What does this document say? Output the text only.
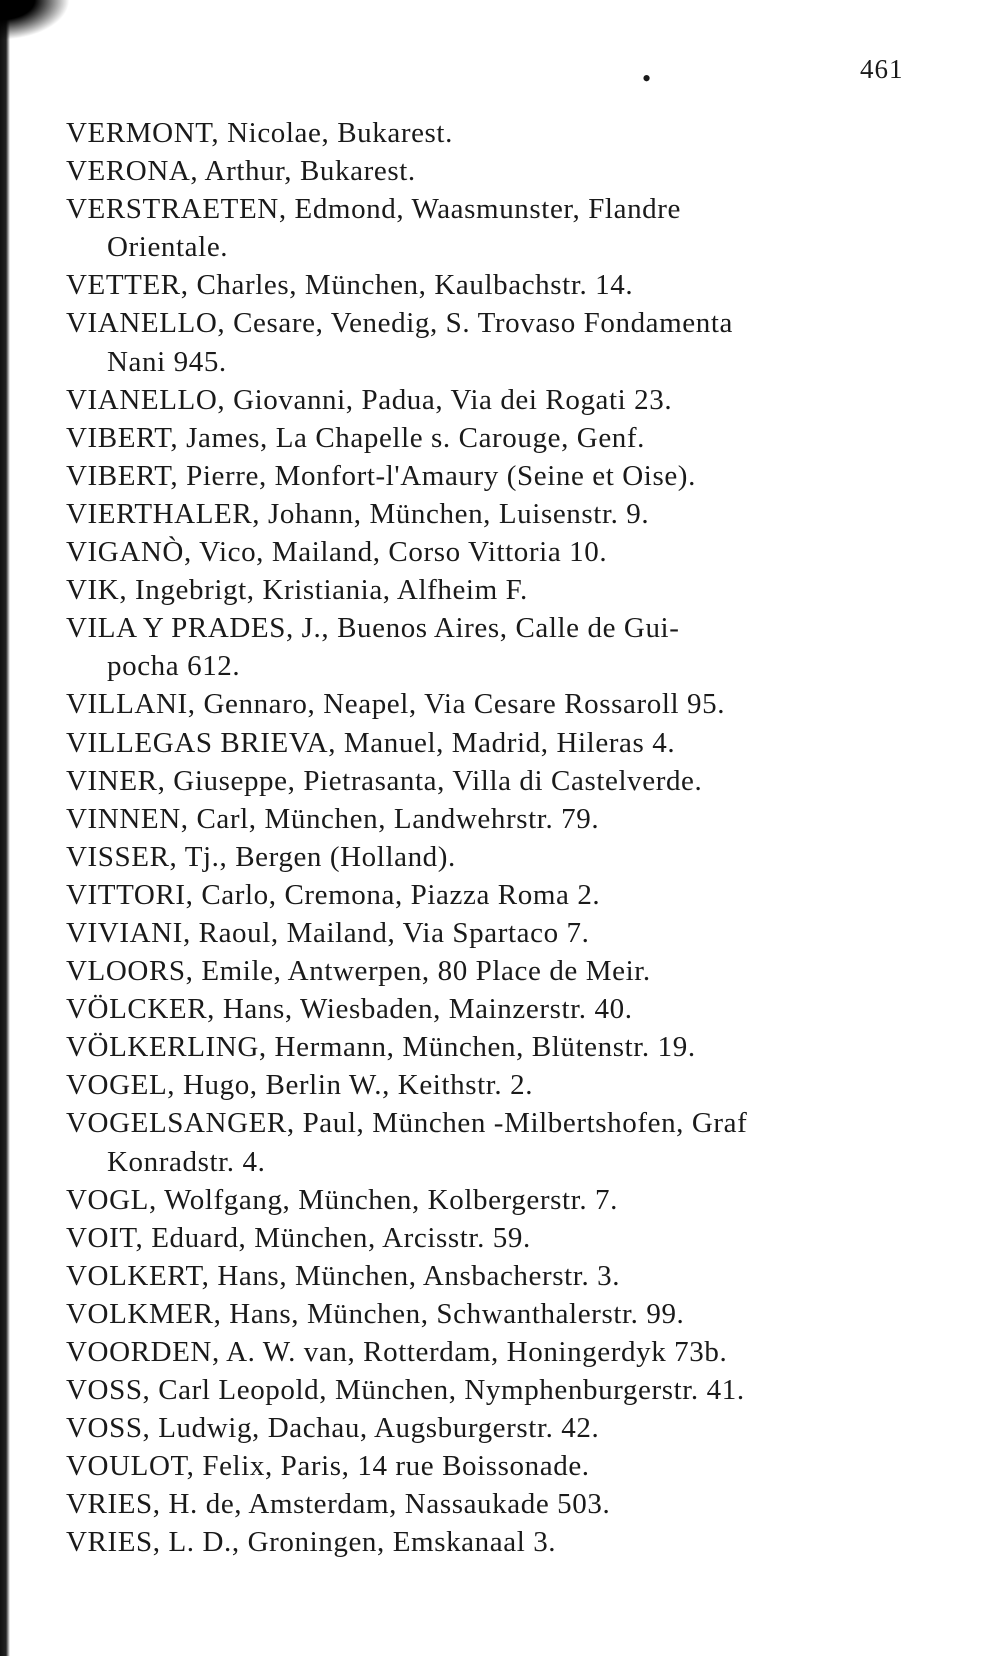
•	461
VERMONT, Nicolae, Bukarest.
VERONA, Arthur, Bukarest.
VERSTRAETEN, Edmond, Waasmunster, Flandre
Orientale.
VETTER, Charles, München, Kaulbachstr. 14.
VIANELLO, Cesare, Venedig, S. Trovaso Fondamenta
Nani 945.
VIANELLO, Giovanni, Padua, Via dei Rogati 23.
VIBERT, James, La Chapelle s. Carouge, Genf.
VIBERT, Pierre, Monfort-l'Amaury (Seine et Oise).
VIERTHALER, Johann, München, Luisenstr. 9.
VIGANÒ, Vico, Mailand, Corso Vittoria 10.
VIK, Ingebrigt, Kristiania, Alfheim F.
VILA Y PRADES, J., Buenos Aires, Calle de Gui-
pocha 612.
VILLANI, Gennaro, Neapel, Via Cesare Rossaroll 95.
VILLEGAS BRIEVA, Manuel, Madrid, Hileras 4.
VINER, Giuseppe, Pietrasanta, Villa di Castelverde.
VINNEN, Carl, München, Landwehrstr. 79.
VISSER, Tj., Bergen (Holland).
VITTORI, Carlo, Cremona, Piazza Roma 2.
VIVIANI, Raoul, Mailand, Via Spartaco 7.
VLOORS, Emile, Antwerpen, 80 Place de Meir.
VÖLCKER, Hans, Wiesbaden, Mainzerstr. 40.
VÖLKERLING, Hermann, München, Blütenstr. 19.
VOGEL, Hugo, Berlin W., Keithstr. 2.
VOGELSANGER, Paul, München -Milbertshofen, Graf
Konradstr. 4.
VOGL, Wolfgang, München, Kolbergerstr. 7.
VOIT, Eduard, München, Arcisstr. 59.
VOLKERT, Hans, München, Ansbacherstr. 3.
VOLKMER, Hans, München, Schwanthalerstr. 99.
VOORDEN, A. W. van, Rotterdam, Honingerdyk 73b.
VOSS, Carl Leopold, München, Nymphenburgerstr. 41.
VOSS, Ludwig, Dachau, Augsburgerstr. 42.
VOULOT, Felix, Paris, 14 rue Boissonade.
VRIES, H. de, Amsterdam, Nassaukade 503.
VRIES, L. D., Groningen, Emskanaal 3.
